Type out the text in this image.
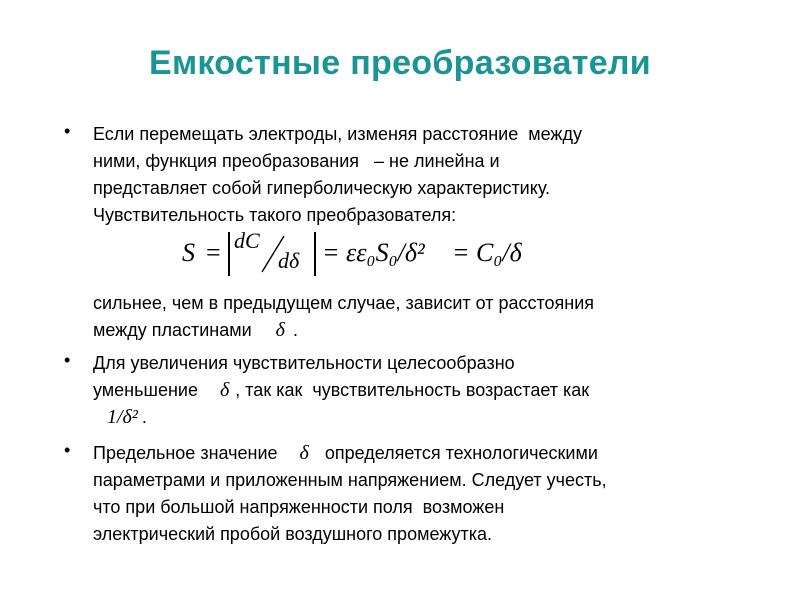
Емкостные преобразователи
• Если перемещать электроды, изменяя расстояние  между
ними, функция преобразования   – не линейна и
представляет собой гиперболическую характеристику.
Чувствительность такого преобразователя:
S = dC
dδ = εε₀S₀/δ² = C₀/δ
сильнее, чем в предыдущем случае, зависит от расстояния
между пластинами δ .
• Для увеличения чувствительности целесообразно
уменьшение δ , так как  чувствительность возрастает как
1/δ² .
• Предельное значение δ определяется технологическими
параметрами и приложенным напряжением. Следует учесть,
что при большой напряженности поля  возможен
электрический пробой воздушного промежутка.
